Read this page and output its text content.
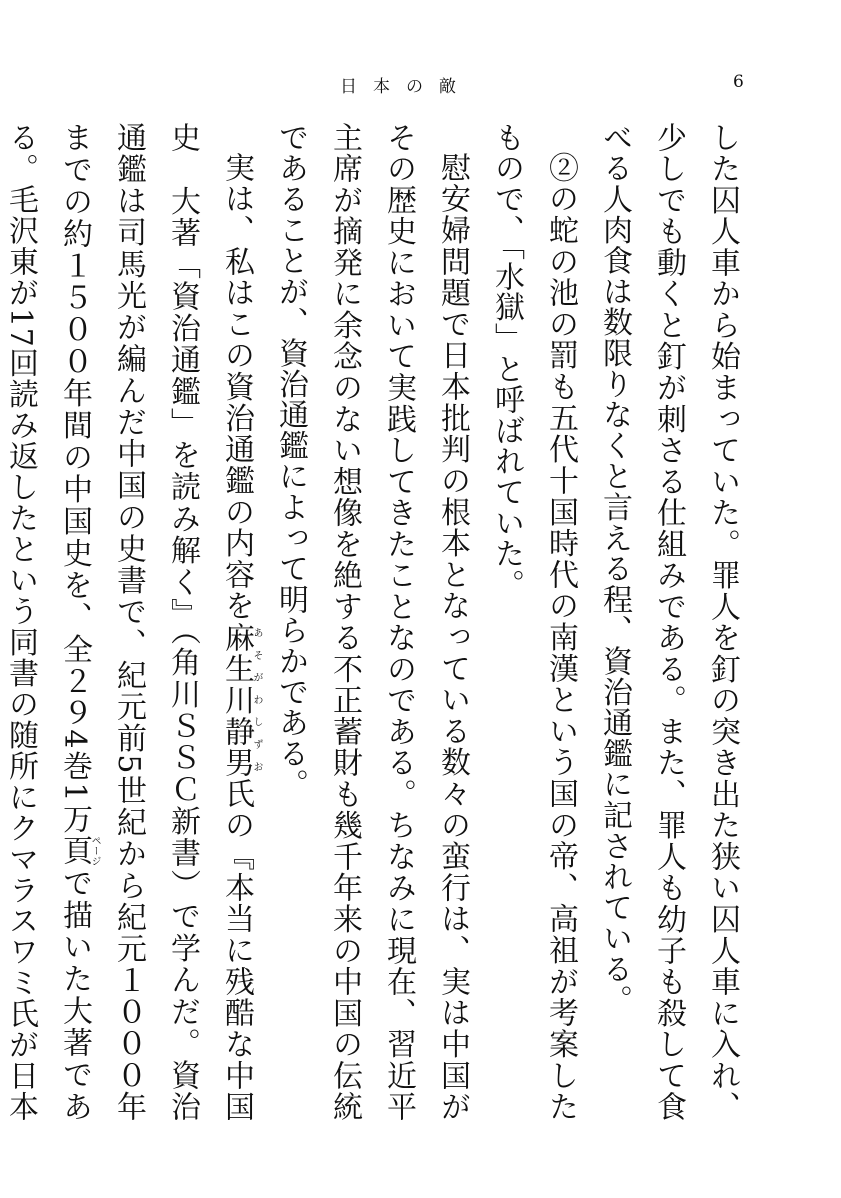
日本の敵	6

した囚人車から始まっていた。罪人を釘の突き出た狭い囚人車に入れ、少しでも動くと釘が刺さる仕組みである。また、罪人も幼子も殺して食べる人肉食は数限りなくと言える程、資治通鑑に記されている。

②の蛇の池の罰も五代十国時代の南漢という国の帝、高祖が考案したもので、「水獄」と呼ばれていた。

慰安婦問題で日本批判の根本となっている数々の蛮行は、実は中国がその歴史において実践してきたことなのである。ちなみに現在、習近平主席が摘発に余念のない想像を絶する不正蓄財も幾千年来の中国の伝統であることが、資治通鑑によって明らかである。

実は、私はこの資治通鑑の内容を麻生川静男あそがわしずお氏の『本当に残酷な中国史　大著「資治通鑑」を読み解く』（角川ＳＳＣ新書）で学んだ。資治通鑑は司馬光が編んだ中国の史書で、紀元前5世紀から紀元１０００年までの約１５００年間の中国史を、全２９4巻1万頁ページで描いた大著である。毛沢東が17回読み返したという同書の随所にクマラスワミ氏が日本
